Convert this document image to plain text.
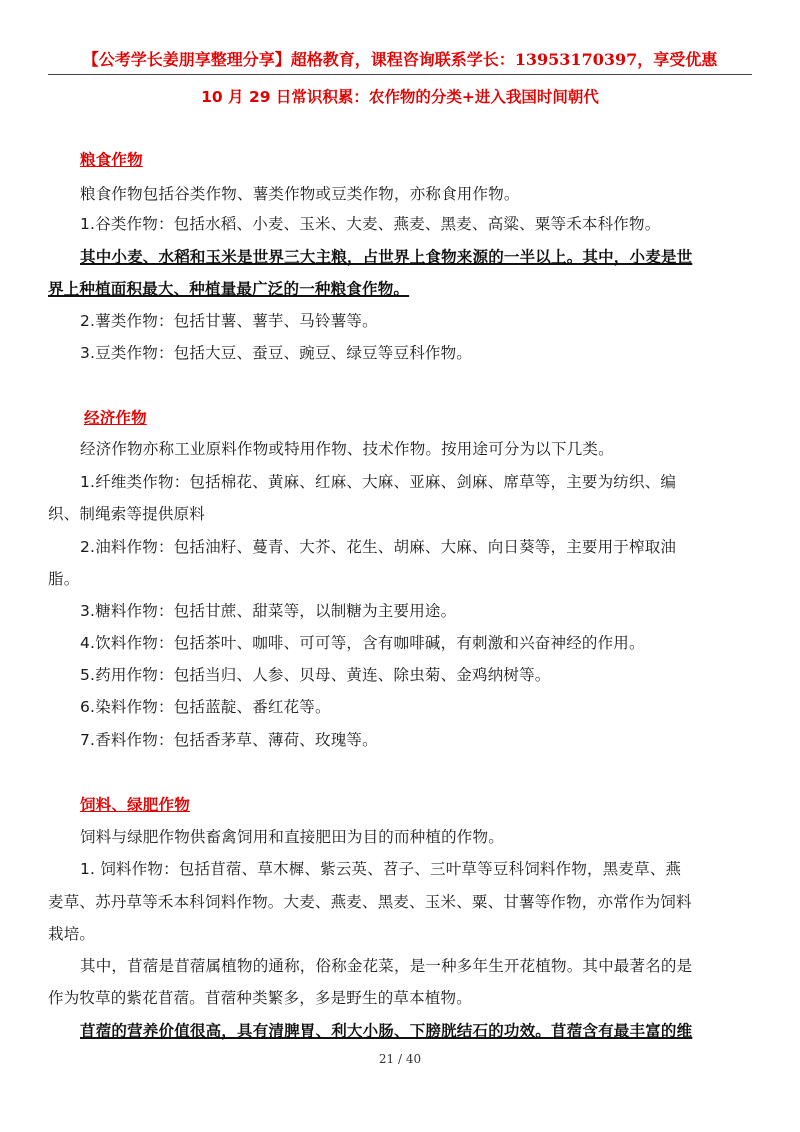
【公考学长姜朋享整理分享】超格教育，课程咨询联系学长：13953170397，享受优惠
10 月 29 日常识积累：农作物的分类+进入我国时间朝代
粮食作物
粮食作物包括谷类作物、薯类作物或豆类作物，亦称食用作物。
1.谷类作物：包括水稻、小麦、玉米、大麦、燕麦、黑麦、高粱、粟等禾本科作物。
其中小麦、水稻和玉米是世界三大主粮，占世界上食物来源的一半以上。其中，小麦是世
界上种植面积最大、种植量最广泛的一种粮食作物。
2.薯类作物：包括甘薯、薯芋、马铃薯等。
3.豆类作物：包括大豆、蚕豆、豌豆、绿豆等豆科作物。
经济作物
经济作物亦称工业原料作物或特用作物、技术作物。按用途可分为以下几类。
1.纤维类作物：包括棉花、黄麻、红麻、大麻、亚麻、剑麻、席草等，主要为纺织、编
织、制绳索等提供原料
2.油料作物：包括油籽、蔓青、大芥、花生、胡麻、大麻、向日葵等，主要用于榨取油
脂。
3.糖料作物：包括甘蔗、甜菜等，以制糖为主要用途。
4.饮料作物：包括茶叶、咖啡、可可等，含有咖啡碱，有刺激和兴奋神经的作用。
5.药用作物：包括当归、人参、贝母、黄连、除虫菊、金鸡纳树等。
6.染料作物：包括蓝靛、番红花等。
7.香料作物：包括香茅草、薄荷、玫瑰等。
饲料、绿肥作物
饲料与绿肥作物供畜禽饲用和直接肥田为目的而种植的作物。
1. 饲料作物：包括苜蓿、草木樨、紫云英、苕子、三叶草等豆科饲料作物，黑麦草、燕
麦草、苏丹草等禾本科饲料作物。大麦、燕麦、黑麦、玉米、粟、甘薯等作物，亦常作为饲料
栽培。
其中，苜蓿是苜蓿属植物的通称，俗称金花菜，是一种多年生开花植物。其中最著名的是
作为牧草的紫花苜蓿。苜蓿种类繁多，多是野生的草本植物。
苜蓿的营养价值很高，具有清脾胃、利大小肠、下膀胱结石的功效。苜蓿含有最丰富的维
21 / 40
